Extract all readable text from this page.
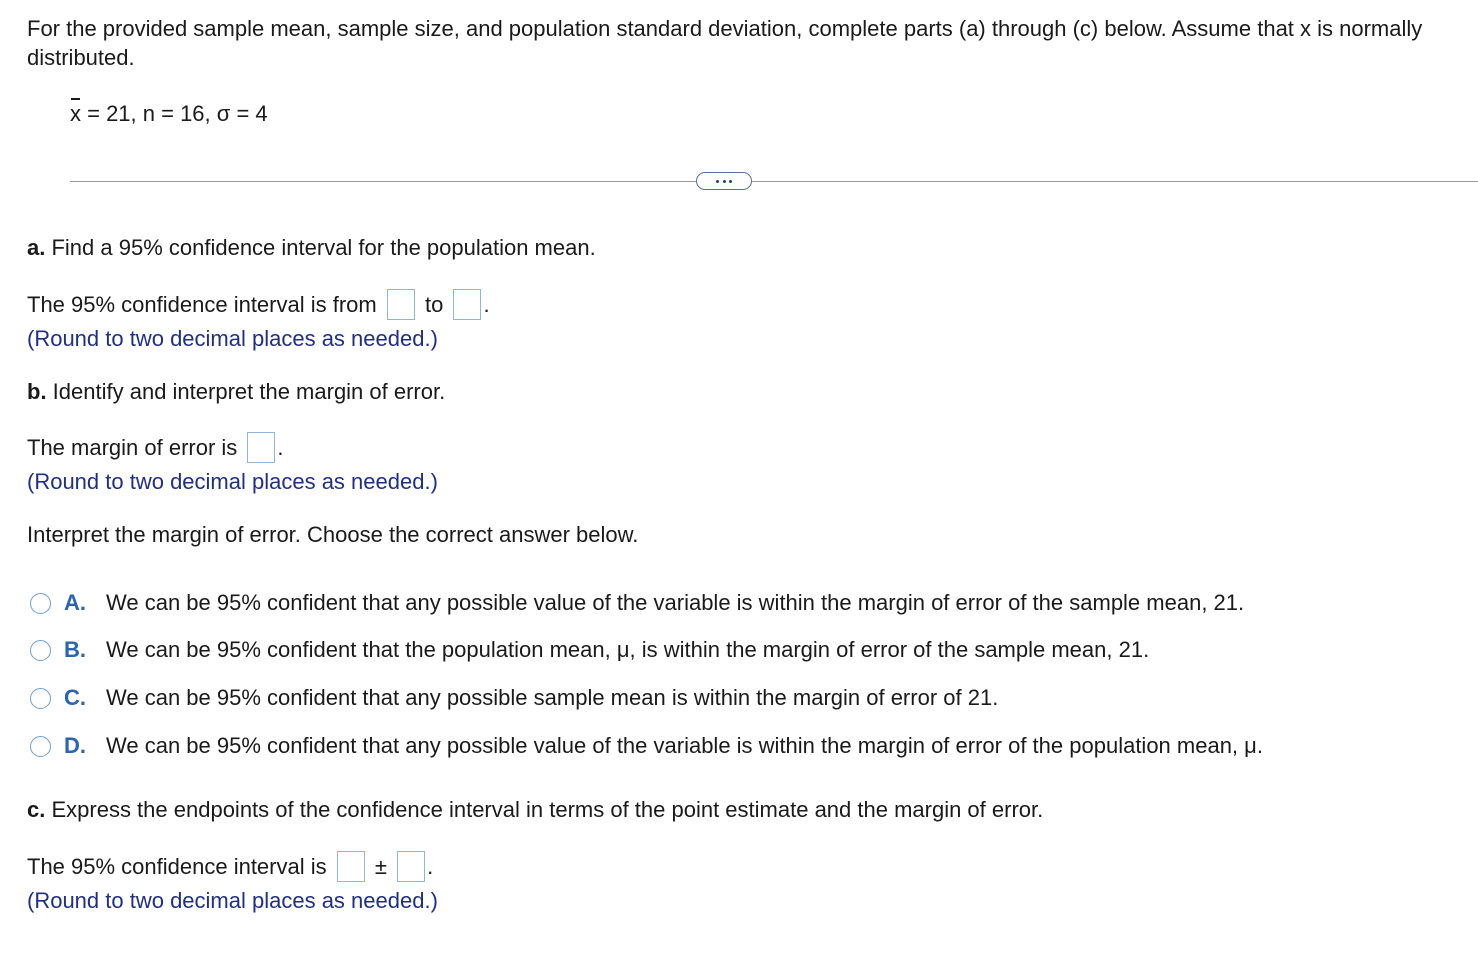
For the provided sample mean, sample size, and population standard deviation, complete parts (a) through (c) below. Assume that x is normally distributed.
x = 21, n = 16, σ = 4
a. Find a 95% confidence interval for the population mean.
The 95% confidence interval is from to .
(Round to two decimal places as needed.)
b. Identify and interpret the margin of error.
The margin of error is .
(Round to two decimal places as needed.)
Interpret the margin of error. Choose the correct answer below.
A. We can be 95% confident that any possible value of the variable is within the margin of error of the sample mean, 21.
B. We can be 95% confident that the population mean, μ, is within the margin of error of the sample mean, 21.
C. We can be 95% confident that any possible sample mean is within the margin of error of 21.
D. We can be 95% confident that any possible value of the variable is within the margin of error of the population mean, μ.
c. Express the endpoints of the confidence interval in terms of the point estimate and the margin of error.
The 95% confidence interval is ± .
(Round to two decimal places as needed.)
